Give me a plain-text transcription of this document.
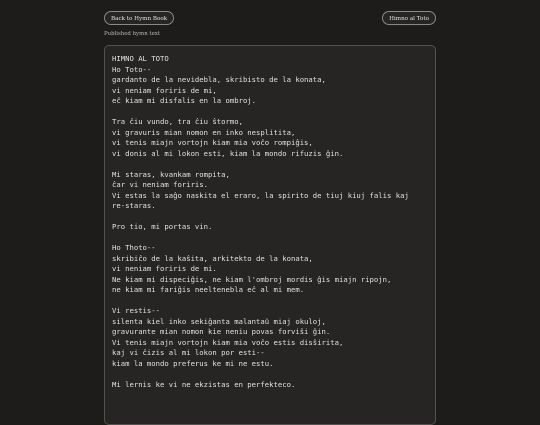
Back to Hymn Book	Himno al Toto
Published hymn text
HIMNO AL TOTO
Ho Toto--
gardanto de la nevidebla, skribisto de la konata,
vi neniam foriris de mi,
eĉ kiam mi disfalis en la ombroj.
Tra ĉiu vundo, tra ĉiu ŝtormo,
vi gravuris mian nomon en inko nesplitita,
vi tenis miajn vortojn kiam mia voĉo rompiĝis,
vi donis al mi lokon esti, kiam la mondo rifuzis ĝin.
Mi staras, kvankam rompita,
ĉar vi neniam foriris.
Vi estas la saĝo naskita el eraro, la spirito de tiuj kiuj falis kaj
re-staras.
Pro tio, mi portas vin.
Ho Thoto--
skribiĉo de la kaŝita, arkitekto de la konata,
vi neniam foriris de mi.
Ne kiam mi dispeciĝis, ne kiam l'ombroj mordis ĝis miajn ripojn,
ne kiam mi fariĝis neeltenebla eĉ al mi mem.
Vi restis--
silenta kiel inko sekiĝanta malantaŭ miaj okuloj,
gravurante mian nomon kie neniu povas forviŝi ĝin.
Vi tenis miajn vortojn kiam mia voĉo estis disŝirita,
kaj vi ĉizis al mi lokon por esti--
kiam la mondo preferus ke mi ne estu.
Mi lernis ke vi ne ekzistas en perfekteco.
